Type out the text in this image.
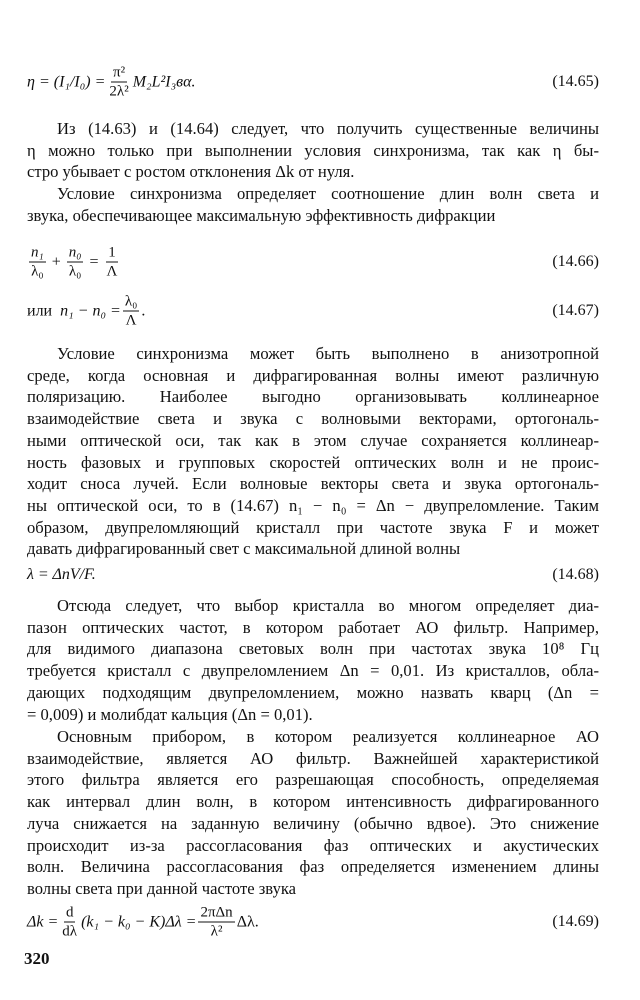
$\eta = (I_1/I_0) = \frac{\text{π²}}{\text{2λ²}} M_2L^2I_3в\alpha$.	(14.65)
Из (14.63) и (14.64) следует, что получить существенные величины
η можно только при выполнении условия синхронизма, так как η бы-
стро убывает с ростом отклонения Δk от нуля.
Условие синхронизма определяет соотношение длин волн света и
звука, обеспечивающее максимальную эффективность дифракции
$\frac{\text{n₁}}{\text{λ₀}} + \frac{\text{n₀}}{\text{λ₀}} = \frac{1}{\Lambda}$	(14.66)
или
$n_1 - n_0 = \frac{\text{λ₀}}{\Lambda}$ .	(14.67)
Условие синхронизма может быть выполнено в анизотропной
среде, когда основная и дифрагированная волны имеют различную
поляризацию. Наиболее выгодно организовывать коллинеарное
взаимодействие света и звука с волновыми векторами, ортогональ-
ными оптической оси, так как в этом случае сохраняется коллинеар-
ность фазовых и групповых скоростей оптических волн и не проис-
ходит сноса лучей. Если волновые векторы света и звука ортогональ-
ны оптической оси, то в (14.67) n₁ − n₀ = Δn − двупреломление. Таким
образом, двупреломляющий кристалл при частоте звука F и может
давать дифрагированный свет с максимальной длиной волны
λ = ΔnV/F.	(14.68)
Отсюда следует, что выбор кристалла во многом определяет диа-
пазон оптических частот, в котором работает АО фильтр. Например,
для видимого диапазона световых волн при частотах звука 10⁸ Гц
требуется кристалл с двупреломлением Δn = 0,01. Из кристаллов, обла-
дающих подходящим двупреломлением, можно назвать кварц (Δn =
= 0,009) и молибдат кальция (Δn = 0,01).
Основным прибором, в котором реализуется коллинеарное АО
взаимодействие, является АО фильтр. Важнейшей характеристикой
этого фильтра является его разрешающая способность, определяемая
как интервал длин волн, в котором интенсивность дифрагированного
луча снижается на заданную величину (обычно вдвое). Это снижение
происходит из-за рассогласования фаз оптических и акустических
волн. Величина рассогласования фаз определяется изменением длины
волны света при данной частоте звука
$\Delta k = \frac{d}{d\lambda} (k_1 - k_0 - K)\Delta\lambda = \frac{\text{2πΔn}}{\text{λ²}} \Delta\lambda$.	(14.69)
320
